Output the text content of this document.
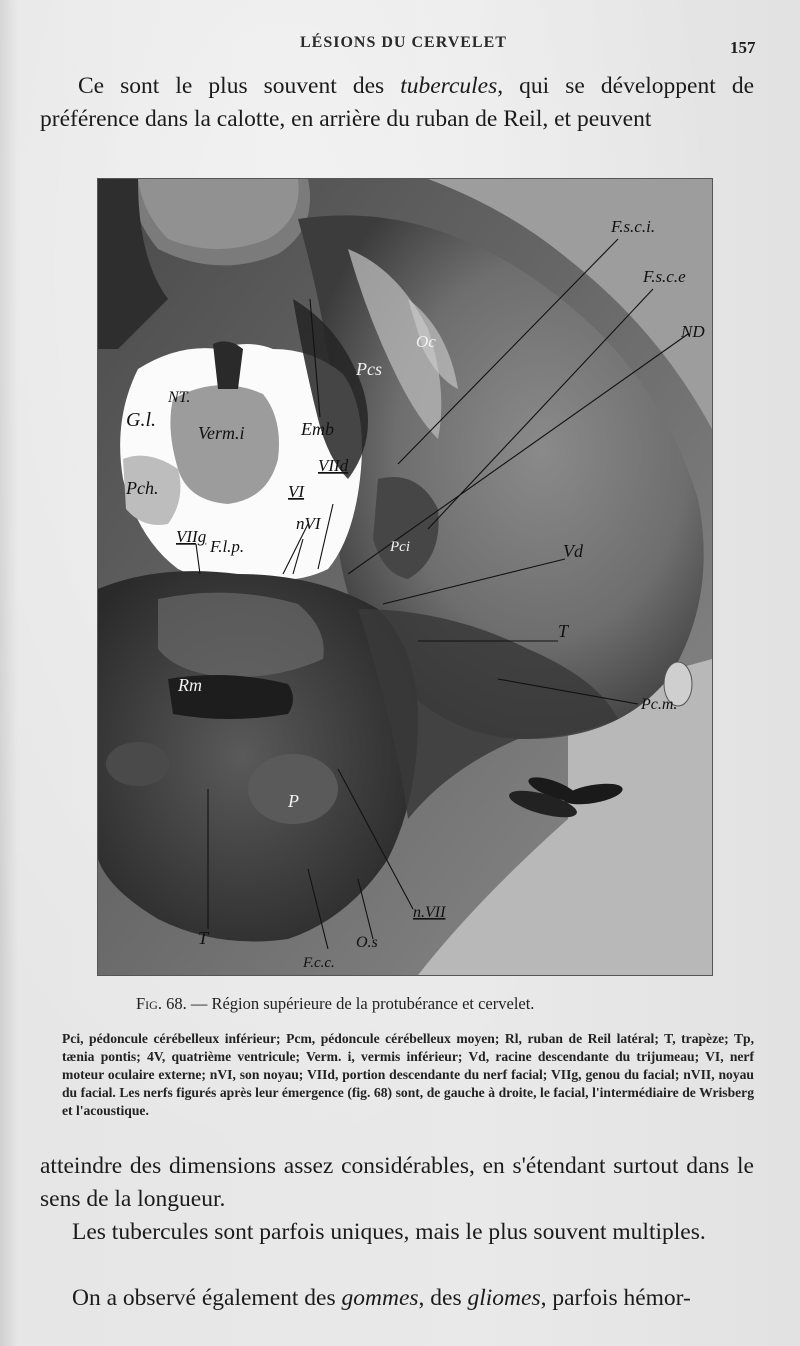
LÉSIONS DU CERVELET	157
Ce sont le plus souvent des tubercules, qui se développent de préférence dans la calotte, en arrière du ruban de Reil, et peuvent
F.s.c.i.
F.s.c.e
ND
Oc
Pcs
NT.
G.l.
Verm.i	Emb
Pch.
VIId
VI
nVI
VIIg
F.l.p.	Pci	Vd
T
Rm
Pc.m.
P
n.VII
T	O.s
F.c.c.
Fig. 68. — Région supérieure de la protubérance et cervelet.
Pci, pédoncule cérébelleux inférieur; Pcm, pédoncule cérébelleux moyen; Rl, ruban de Reil latéral; T, trapèze; Tp, tænia pontis; 4V, quatrième ventricule; Verm. i, vermis inférieur; Vd, racine descendante du trijumeau; VI, nerf moteur oculaire externe; nVI, son noyau; VIId, portion descendante du nerf facial; VIIg, genou du facial; nVII, noyau du facial. Les nerfs figurés après leur émergence (fig. 68) sont, de gauche à droite, le facial, l'intermédiaire de Wrisberg et l'acoustique.
atteindre des dimensions assez considérables, en s'étendant surtout dans le sens de la longueur.
Les tubercules sont parfois uniques, mais le plus souvent multiples.
On a observé également des gommes, des gliomes, parfois hémor-
